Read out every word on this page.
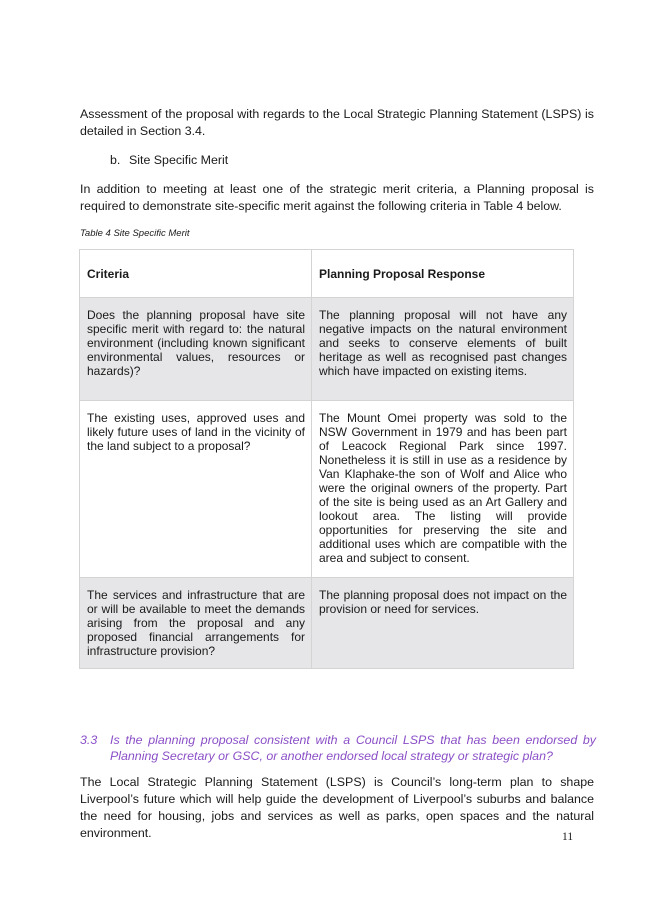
Assessment of the proposal with regards to the Local Strategic Planning Statement (LSPS) is detailed in Section 3.4.

b. Site Specific Merit

In addition to meeting at least one of the strategic merit criteria, a Planning proposal is required to demonstrate site-specific merit against the following criteria in Table 4 below.

Table 4 Site Specific Merit
Criteria	Planning Proposal Response
Does the planning proposal have site specific merit with regard to: the natural environment (including known significant environmental values, resources or hazards)?	The planning proposal will not have any negative impacts on the natural environment and seeks to conserve elements of built heritage as well as recognised past changes which have impacted on existing items.
The existing uses, approved uses and likely future uses of land in the vicinity of the land subject to a proposal?	The Mount Omei property was sold to the NSW Government in 1979 and has been part of Leacock Regional Park since 1997. Nonetheless it is still in use as a residence by Van Klaphake-the son of Wolf and Alice who were the original owners of the property. Part of the site is being used as an Art Gallery and lookout area. The listing will provide opportunities for preserving the site and additional uses which are compatible with the area and subject to consent.
The services and infrastructure that are or will be available to meet the demands arising from the proposal and any proposed financial arrangements for infrastructure provision?	The planning proposal does not impact on the provision or need for services.
3.3 Is the planning proposal consistent with a Council LSPS that has been endorsed by Planning Secretary or GSC, or another endorsed local strategy or strategic plan?

The Local Strategic Planning Statement (LSPS) is Council’s long-term plan to shape Liverpool’s future which will help guide the development of Liverpool’s suburbs and balance the need for housing, jobs and services as well as parks, open spaces and the natural environment.	11
